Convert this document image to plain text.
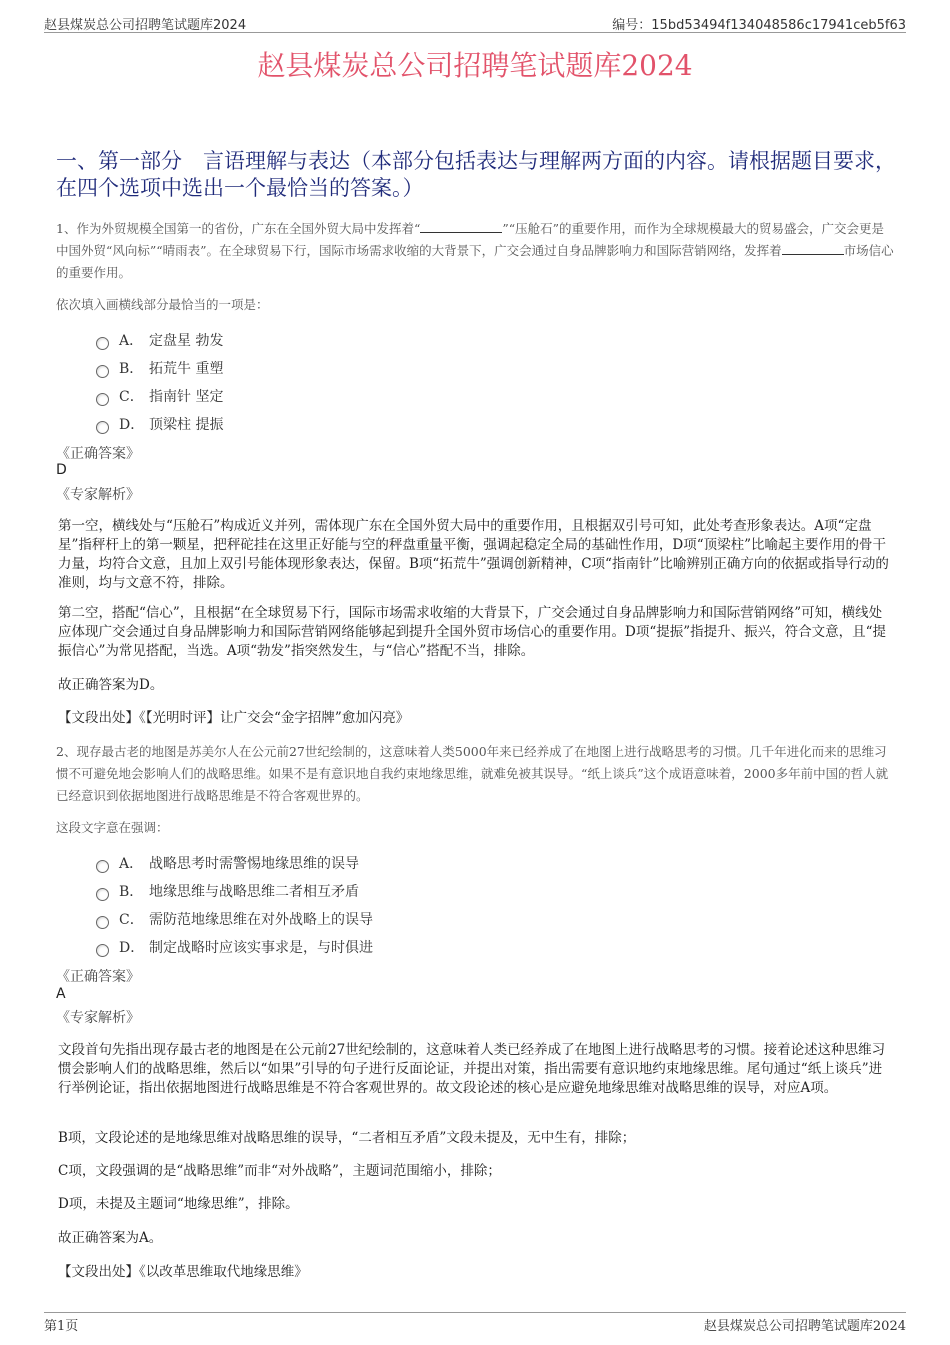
赵县煤炭总公司招聘笔试题库2024	编号：15bd53494f134048586c17941ceb5f63
赵县煤炭总公司招聘笔试题库2024
一、第一部分　言语理解与表达（本部分包括表达与理解两方面的内容。请根据题目要求，在四个选项中选出一个最恰当的答案。）
1、作为外贸规模全国第一的省份，广东在全国外贸大局中发挥着“	”“压舱石”的重要作用，而作为全球规模最大的贸易盛会，广交会更是中国外贸“风向标”“晴雨表”。在全球贸易下行，国际市场需求收缩的大背景下，广交会通过自身品牌影响力和国际营销网络，发挥着	市场信心的重要作用。
依次填入画横线部分最恰当的一项是：
A． 定盘星 勃发
B． 拓荒牛 重塑
C． 指南针 坚定
D． 顶梁柱 提振
《正确答案》
D
《专家解析》
第一空，横线处与“压舱石”构成近义并列，需体现广东在全国外贸大局中的重要作用，且根据双引号可知，此处考查形象表达。A项“定盘星”指秤杆上的第一颗星，把秤砣挂在这里正好能与空的秤盘重量平衡，强调起稳定全局的基础性作用，D项“顶梁柱”比喻起主要作用的骨干力量，均符合文意，且加上双引号能体现形象表达，保留。B项“拓荒牛”强调创新精神，C项“指南针”比喻辨别正确方向的依据或指导行动的准则，均与文意不符，排除。
第二空，搭配“信心”，且根据“在全球贸易下行，国际市场需求收缩的大背景下，广交会通过自身品牌影响力和国际营销网络”可知，横线处应体现广交会通过自身品牌影响力和国际营销网络能够起到提升全国外贸市场信心的重要作用。D项“提振”指提升、振兴，符合文意，且“提振信心”为常见搭配，当选。A项“勃发”指突然发生，与“信心”搭配不当，排除。
故正确答案为D。
【文段出处】《【光明时评】让广交会“金字招牌”愈加闪亮》
2、现存最古老的地图是苏美尔人在公元前27世纪绘制的，这意味着人类5000年来已经养成了在地图上进行战略思考的习惯。几千年进化而来的思维习惯不可避免地会影响人们的战略思维。如果不是有意识地自我约束地缘思维，就难免被其误导。“纸上谈兵”这个成语意味着，2000多年前中国的哲人就已经意识到依据地图进行战略思维是不符合客观世界的。
这段文字意在强调：
A． 战略思考时需警惕地缘思维的误导
B． 地缘思维与战略思维二者相互矛盾
C． 需防范地缘思维在对外战略上的误导
D． 制定战略时应该实事求是，与时俱进
《正确答案》
A
《专家解析》
文段首句先指出现存最古老的地图是在公元前27世纪绘制的，这意味着人类已经养成了在地图上进行战略思考的习惯。接着论述这种思维习惯会影响人们的战略思维，然后以“如果”引导的句子进行反面论证，并提出对策，指出需要有意识地约束地缘思维。尾句通过“纸上谈兵”进行举例论证，指出依据地图进行战略思维是不符合客观世界的。故文段论述的核心是应避免地缘思维对战略思维的误导，对应A项。
B项，文段论述的是地缘思维对战略思维的误导，“二者相互矛盾”文段未提及，无中生有，排除；
C项，文段强调的是“战略思维”而非“对外战略”，主题词范围缩小，排除；
D项，未提及主题词“地缘思维”，排除。
故正确答案为A。
【文段出处】《以改革思维取代地缘思维》
第1页	赵县煤炭总公司招聘笔试题库2024
